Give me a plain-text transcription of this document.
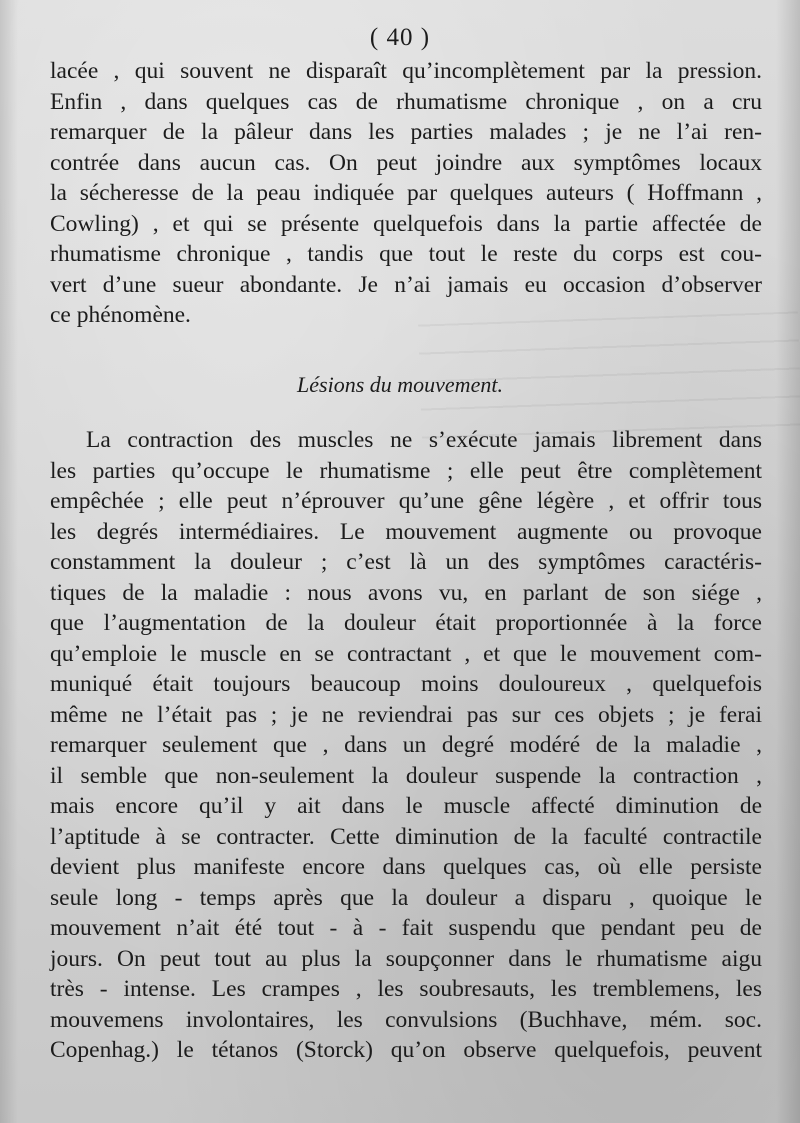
( 40 )
lacée , qui souvent ne disparaît qu’incomplètement par la pression.
Enfin , dans quelques cas de rhumatisme chronique , on a cru
remarquer de la pâleur dans les parties malades ; je ne l’ai ren-
contrée dans aucun cas. On peut joindre aux symptômes locaux
la sécheresse de la peau indiquée par quelques auteurs ( Hoffmann ,
Cowling) , et qui se présente quelquefois dans la partie affectée de
rhumatisme chronique , tandis que tout le reste du corps est cou-
vert d’une sueur abondante. Je n’ai jamais eu occasion d’observer
ce phénomène.
Lésions du mouvement.
La contraction des muscles ne s’exécute jamais librement dans
les parties qu’occupe le rhumatisme ; elle peut être complètement
empêchée ; elle peut n’éprouver qu’une gêne légère , et offrir tous
les degrés intermédiaires. Le mouvement augmente ou provoque
constamment la douleur ; c’est là un des symptômes caractéris-
tiques de la maladie : nous avons vu, en parlant de son siége ,
que l’augmentation de la douleur était proportionnée à la force
qu’emploie le muscle en se contractant , et que le mouvement com-
muniqué était toujours beaucoup moins douloureux , quelquefois
même ne l’était pas ; je ne reviendrai pas sur ces objets ; je ferai
remarquer seulement que , dans un degré modéré de la maladie ,
il semble que non-seulement la douleur suspende la contraction ,
mais encore qu’il y ait dans le muscle affecté diminution de
l’aptitude à se contracter. Cette diminution de la faculté contractile
devient plus manifeste encore dans quelques cas, où elle persiste
seule long - temps après que la douleur a disparu , quoique le
mouvement n’ait été tout - à - fait suspendu que pendant peu de
jours. On peut tout au plus la soupçonner dans le rhumatisme aigu
très - intense. Les crampes , les soubresauts, les tremblemens, les
mouvemens involontaires, les convulsions (Buchhave, mém. soc.
Copenhag.) le tétanos (Storck) qu’on observe quelquefois, peuvent
